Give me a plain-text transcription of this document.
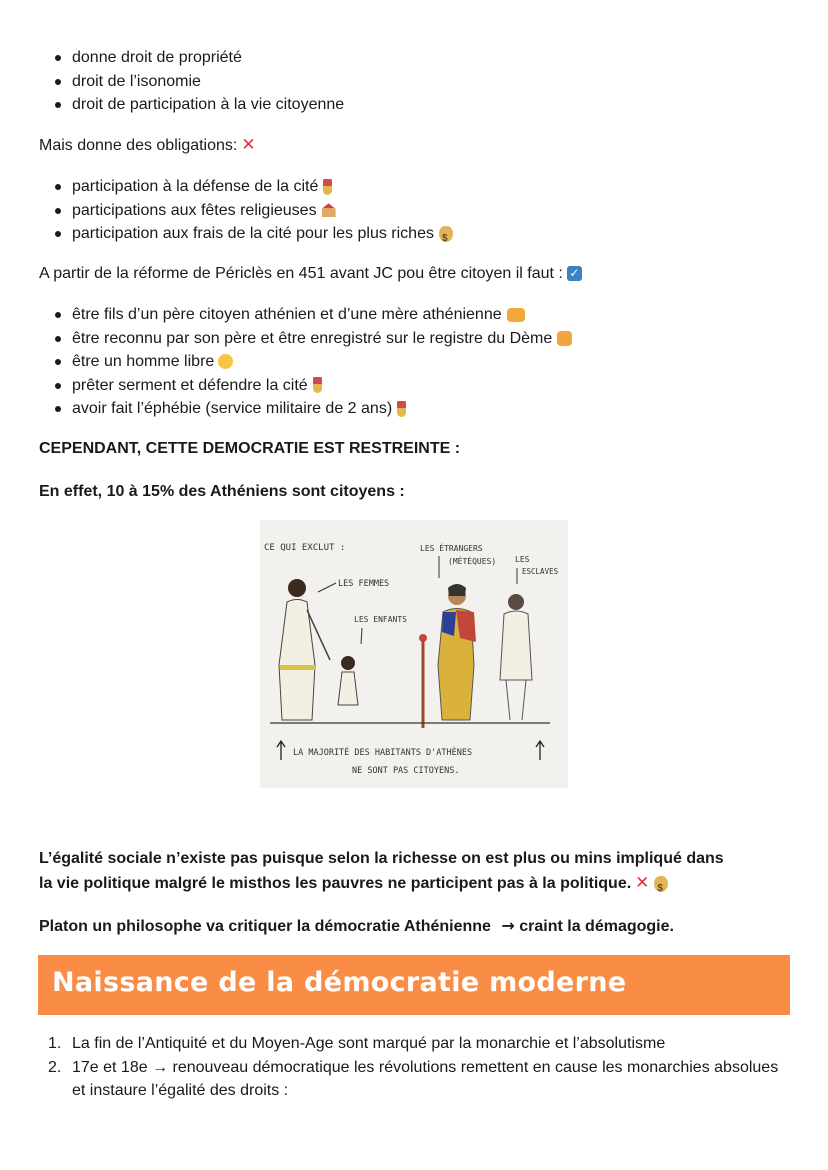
donne droit de propriété
droit de l’isonomie
droit de participation à la vie citoyenne
Mais donne des obligations: ✕
participation à la défense de la cité
participations aux fêtes religieuses
participation aux frais de la cité pour les plus riches$
A partir de la réforme de Périclès en 451 avant JC pou être citoyen il faut : ✓
être fils d’un père citoyen athénien et d’une mère athénienne
être reconnu par son père et être enregistré sur le registre du Dème
être un homme libre
prêter serment et défendre la cité
avoir fait l’éphébie (service militaire de 2 ans)
CEPENDANT, CETTE DEMOCRATIE EST RESTREINTE :
En effet, 10 à 15% des Athéniens sont citoyens :
CE QUI EXCLUT :
LES FEMMES
LES ENFANTS
LES ÉTRANGERS
(MÉTÈQUES) LES
ESCLAVES
LA MAJORITÉ DES HABITANTS D'ATHÈNES
NE SONT PAS CITOYENS.
L’égalité sociale n’existe pas puisque selon la richesse on est plus ou mins impliqué dans
la vie politique malgré le misthos les pauvres ne participent pas à la politique. ✕$
Platon un philosophe va critiquer la démocratie Athénienne → craint la démagogie.
Naissance de la démocratie moderne
1. La fin de l’Antiquité et du Moyen-Age sont marqué par la monarchie et l’absolutisme
2. 17e et 18e → renouveau démocratique les révolutions remettent en cause les monarchies absolues et instaure l’égalité des droits :
